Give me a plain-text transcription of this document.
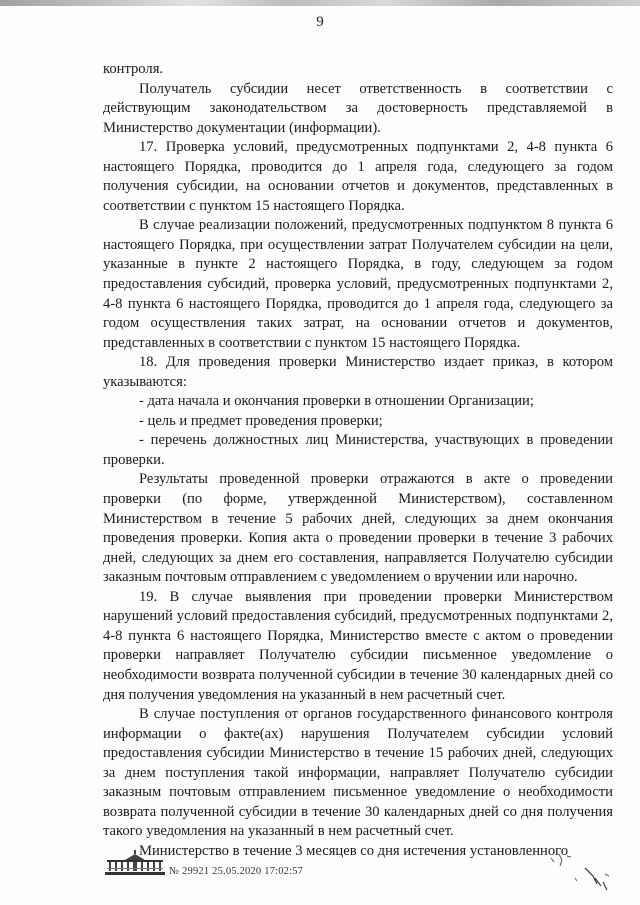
9

контроля.

Получатель субсидии несет ответственность в соответствии с действующим законодательством за достоверность представляемой в Министерство документации (информации).

17. Проверка условий, предусмотренных подпунктами 2, 4-8 пункта 6 настоящего Порядка, проводится до 1 апреля года, следующего за годом получения субсидии, на основании отчетов и документов, представленных в соответствии с пунктом 15 настоящего Порядка.

В случае реализации положений, предусмотренных подпунктом 8 пункта 6 настоящего Порядка, при осуществлении затрат Получателем субсидии на цели, указанные в пункте 2 настоящего Порядка, в году, следующем за годом предоставления субсидий, проверка условий, предусмотренных подпунктами 2, 4-8 пункта 6 настоящего Порядка, проводится до 1 апреля года, следующего за годом осуществления таких затрат, на основании отчетов и документов, представленных в соответствии с пунктом 15 настоящего Порядка.

18. Для проведения проверки Министерство издает приказ, в котором указываются:

- дата начала и окончания проверки в отношении Организации;

- цель и предмет проведения проверки;

- перечень должностных лиц Министерства, участвующих в проведении проверки.

Результаты проведенной проверки отражаются в акте о проведении проверки (по форме, утвержденной Министерством), составленном Министерством в течение 5 рабочих дней, следующих за днем окончания проведения проверки. Копия акта о проведении проверки в течение 3 рабочих дней, следующих за днем его составления, направляется Получателю субсидии заказным почтовым отправлением с уведомлением о вручении или нарочно.

19. В случае выявления при проведении проверки Министерством нарушений условий предоставления субсидий, предусмотренных подпунктами 2, 4-8 пункта 6 настоящего Порядка, Министерство вместе с актом о проведении проверки направляет Получателю субсидии письменное уведомление о необходимости возврата полученной субсидии в течение 30 календарных дней со дня получения уведомления на указанный в нем расчетный счет.

В случае поступления от органов государственного финансового контроля информации о факте(ах) нарушения Получателем субсидии условий предоставления субсидии Министерство в течение 15 рабочих дней, следующих за днем поступления такой информации, направляет Получателю субсидии заказным почтовым отправлением письменное уведомление о необходимости возврата полученной субсидии в течение 30 календарных дней со дня получения такого уведомления на указанный в нем расчетный счет.

Министерство в течение 3 месяцев со дня истечения установленного

№ 29921 25.05.2020 17:02:57
